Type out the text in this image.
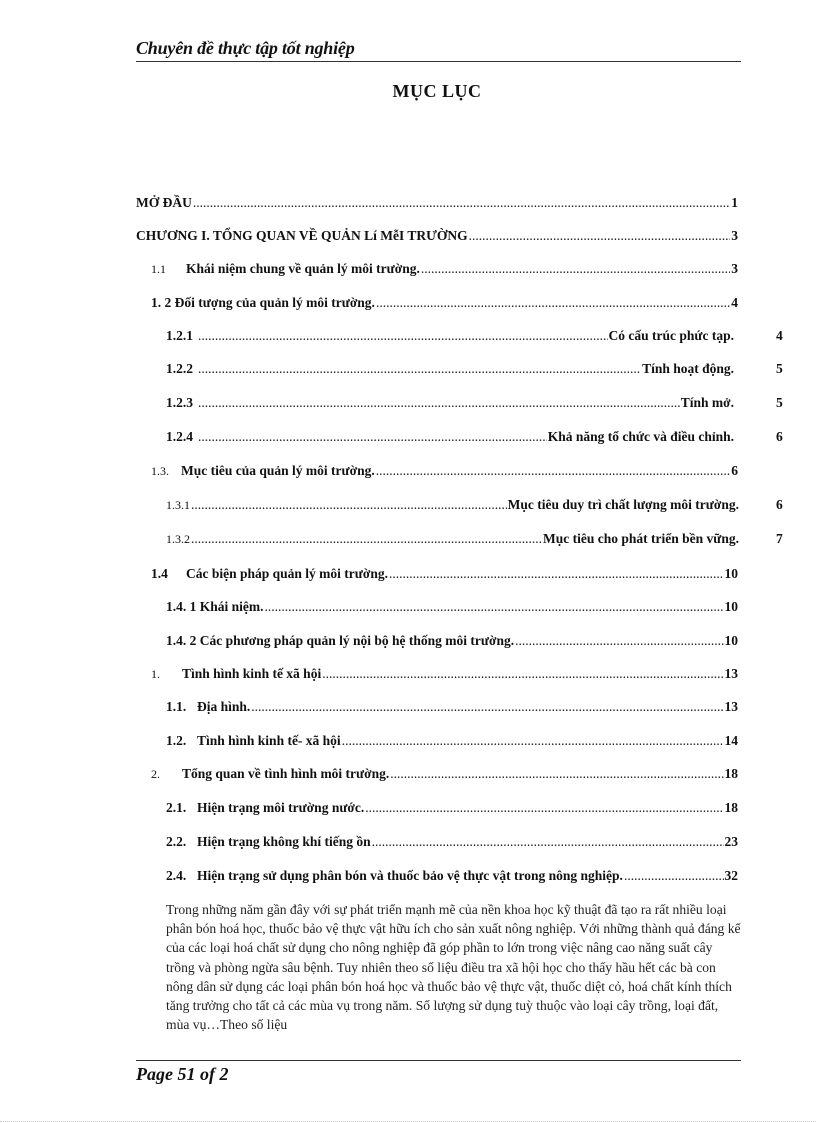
Chuyên đề thực tập tốt nghiệp
MỤC LỤC
MỞ ĐẦU .....	1
CHƯƠNG I. TỔNG QUAN VỀ QUẢN Lí MễI TRƯỜNG .....	3
1.1	Khái niệm chung về quản lý môi trường. .....	3
1. 2 Đối tượng của quản lý môi trường. .....	4
1.2.1 .....	Có cấu trúc phức tạp.	4
1.2.2 .....	Tính hoạt động.	5
1.2.3 .....	Tính mở.	5
1.2.4 .....	Khả năng tổ chức và điều chỉnh.	6
1.3. Mục tiêu của quản lý môi trường. .....	6
1.3.1 .....	Mục tiêu duy trì chất lượng môi trường.	6
1.3.2 .....	Mục tiêu cho phát triển bền vững.	7
1.4	Các biện pháp quản lý môi trường. .....	10
1.4. 1 Khái niệm. .....	10
1.4. 2 Các phương pháp quản lý nội bộ hệ thống môi trường. .....	10
1.	Tình hình kinh tế xã hội .....	13
1.1. Địa hình. .....	13
1.2. Tình hình kinh tế- xã hội .....	14
2.	Tổng quan về tình hình môi trường. .....	18
2.1. Hiện trạng môi trường nước. .....	18
2.2. Hiện trạng không khí tiếng ồn .....	23
2.4. Hiện trạng sử dụng phân bón và thuốc bảo vệ thực vật trong nông nghiệp. .....	32
Trong những năm gần đây với sự phát triển mạnh mẽ của nền khoa học kỹ thuật đã tạo ra rất nhiều loại phân bón hoá học, thuốc bảo vệ thực vật hữu ích cho sản xuất nông nghiệp. Với những thành quả đáng kể của các loại hoá chất sử dụng cho nông nghiệp đã góp phần to lớn trong việc nâng cao năng suất cây trồng và phòng ngừa sâu bệnh. Tuy nhiên theo số liệu điều tra xã hội học cho thấy hầu hết các bà con nông dân sử dụng các loại phân bón hoá học và thuốc bảo vệ thực vật, thuốc diệt cỏ, hoá chất kính thích tăng trưởng cho tất cả các mùa vụ trong năm. Số lượng sử dụng tuỳ thuộc vào loại cây trồng, loại đất, mùa vụ…Theo số liệu
Page 51 of 2
